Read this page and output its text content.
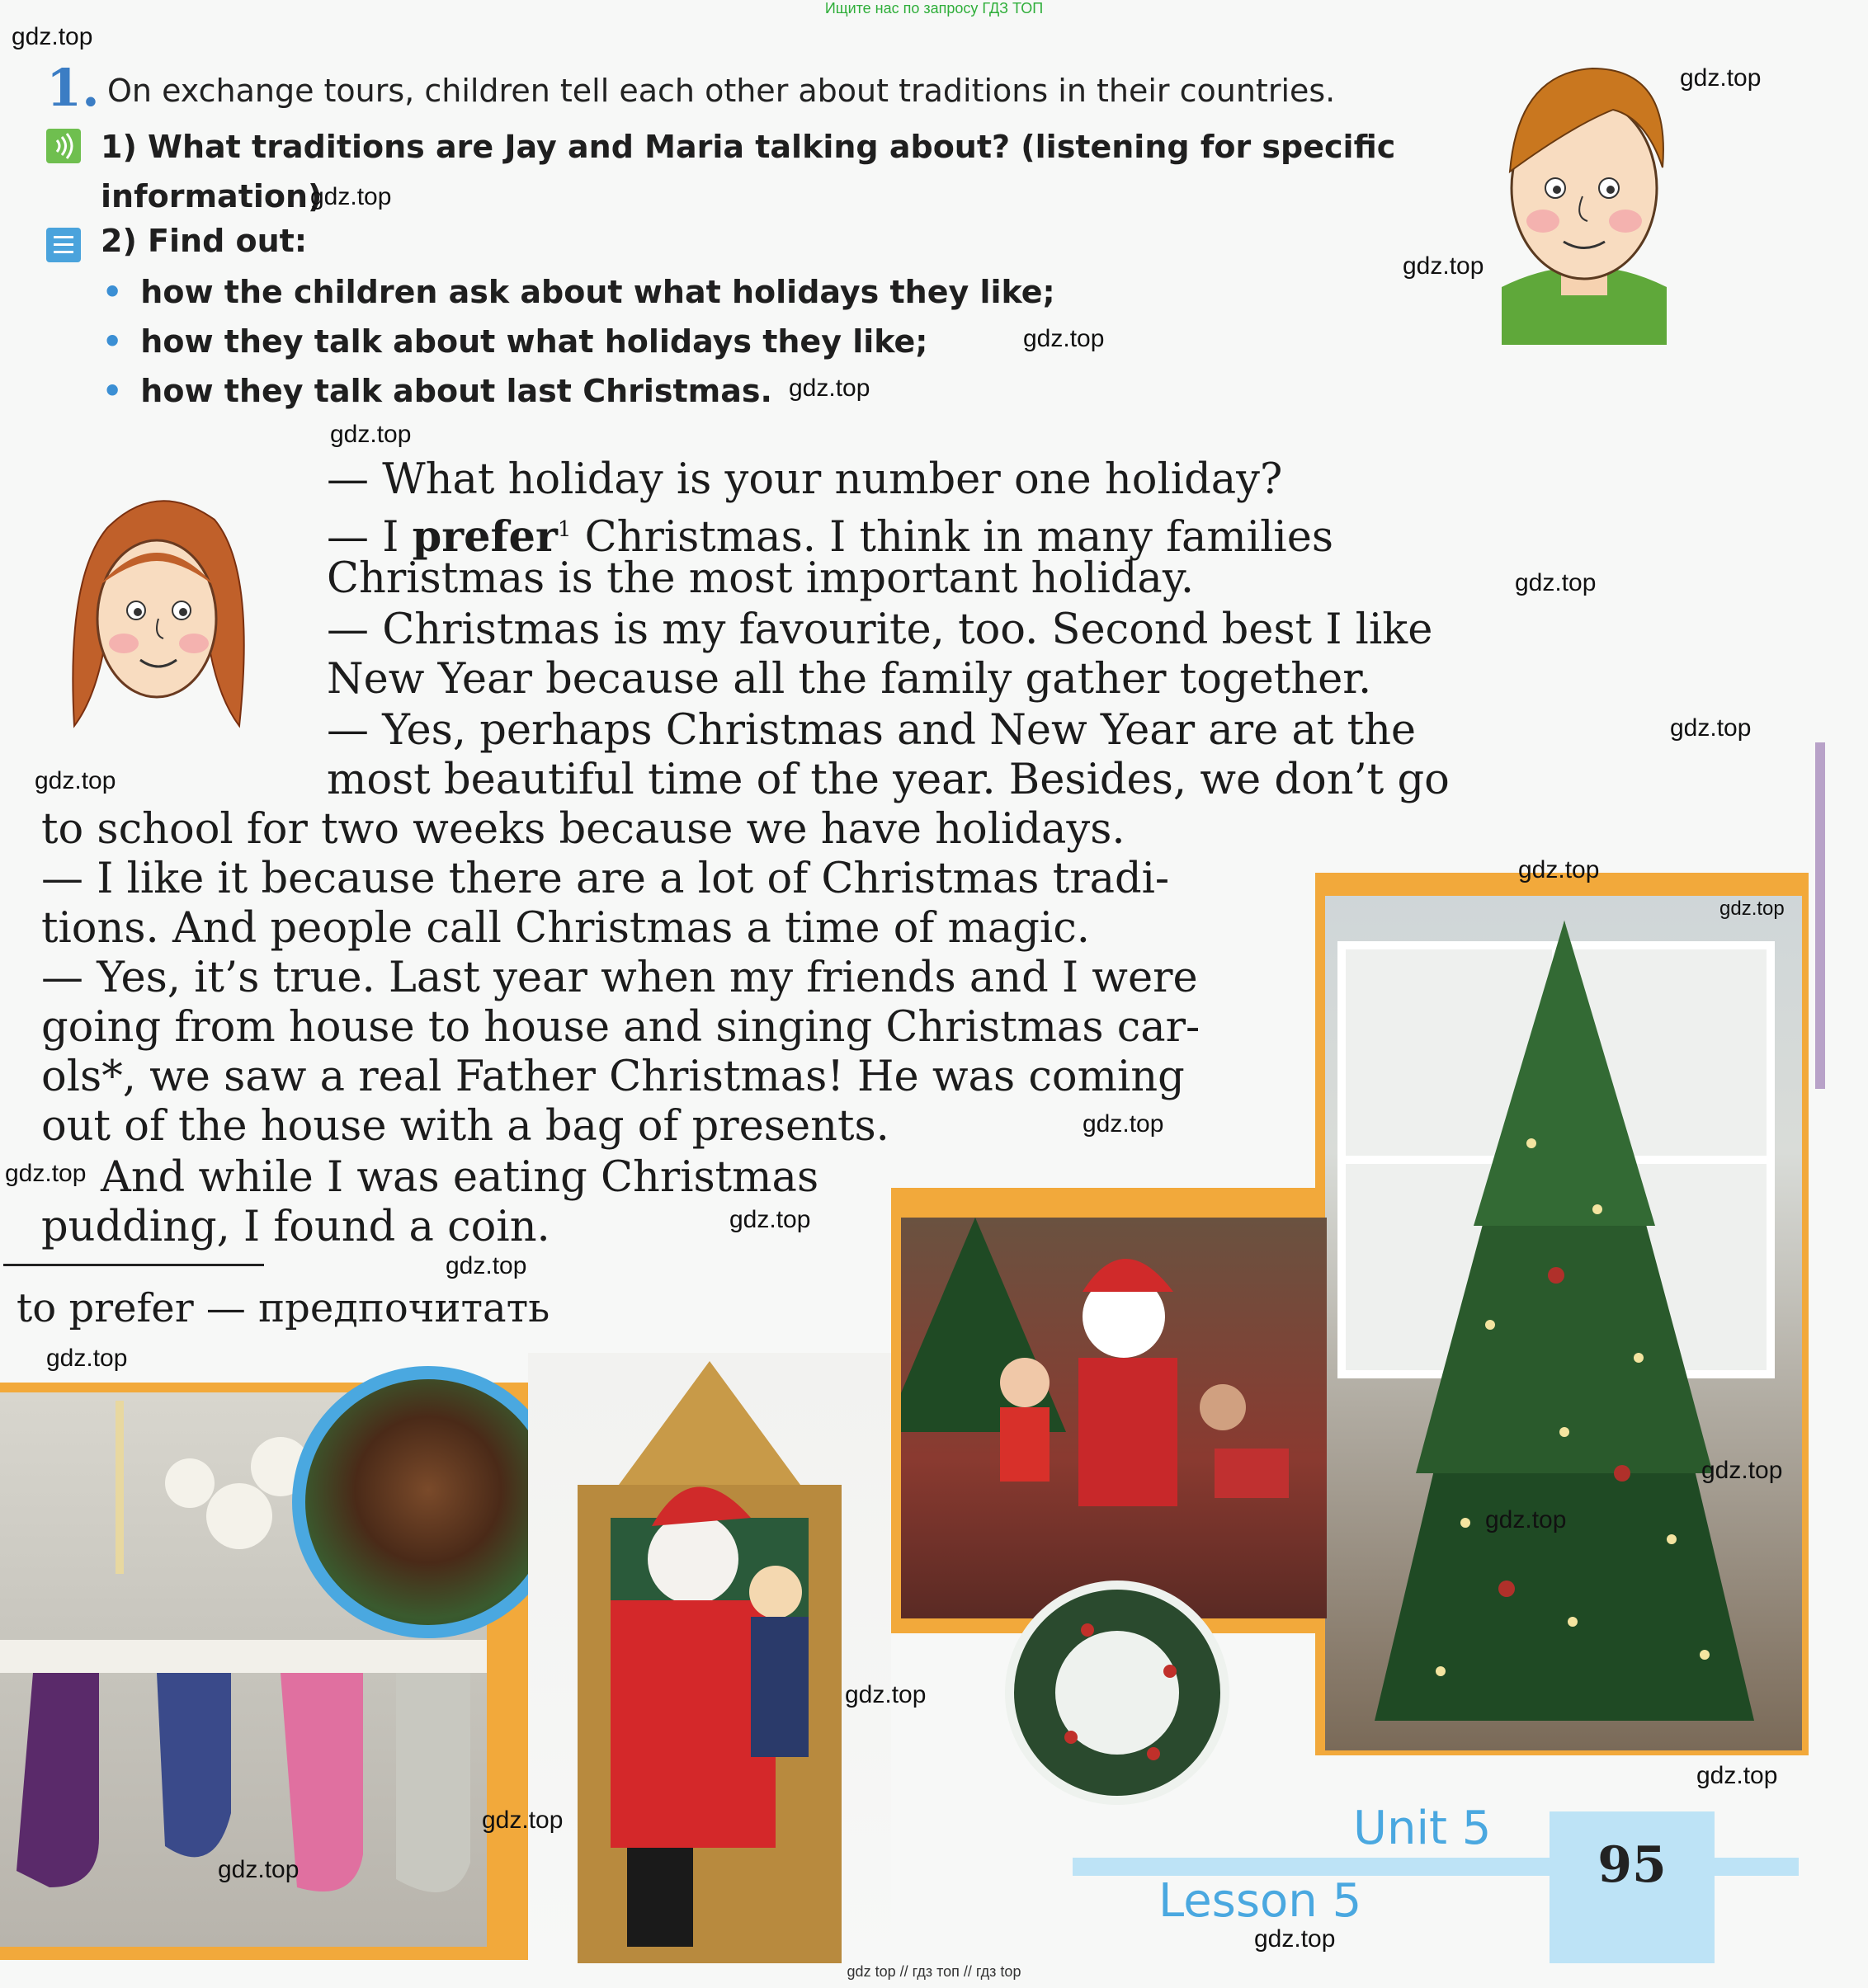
Ищите нас по запросу ГДЗ ТОП
1. On exchange tours, children tell each other about traditions in their countries.
1) What traditions are Jay and Maria talking about? (listening for specific information)
2) Find out:
• how the children ask about what holidays they like;
• how they talk about what holidays they like;
• how they talk about last Christmas.
— What holiday is your number one holiday?
— I prefer$^1$ Christmas. I think in many families
Christmas is the most important holiday.
— Christmas is my favourite, too. Second best I like
New Year because all the family gather together.
— Yes, perhaps Christmas and New Year are at the
most beautiful time of the year. Besides, we don’t go
to school for two weeks because we have holidays.
— I like it because there are a lot of Christmas tradi-
tions. And people call Christmas a time of magic.
— Yes, it’s true. Last year when my friends and I were
going from house to house and singing Christmas car-
ols*, we saw a real Father Christmas! He was coming
out of the house with a bag of presents.
And while I was eating Christmas
pudding, I found a coin.
to prefer — предпочитать
Unit 5
Lesson 5
95
gdz.top
gdz.top
gdz.top
gdz.top
gdz.top
gdz.top
gdz.top
gdz.top
gdz.top
gdz.top
gdz.top
gdz.top
gdz.top
gdz.top
gdz.top
gdz.top
gdz.top
gdz.top
gdz.top
gdz.top
gdz.top
gdz.top
gdz.top
gdz.top
gdz top // гдз топ // гдз top
